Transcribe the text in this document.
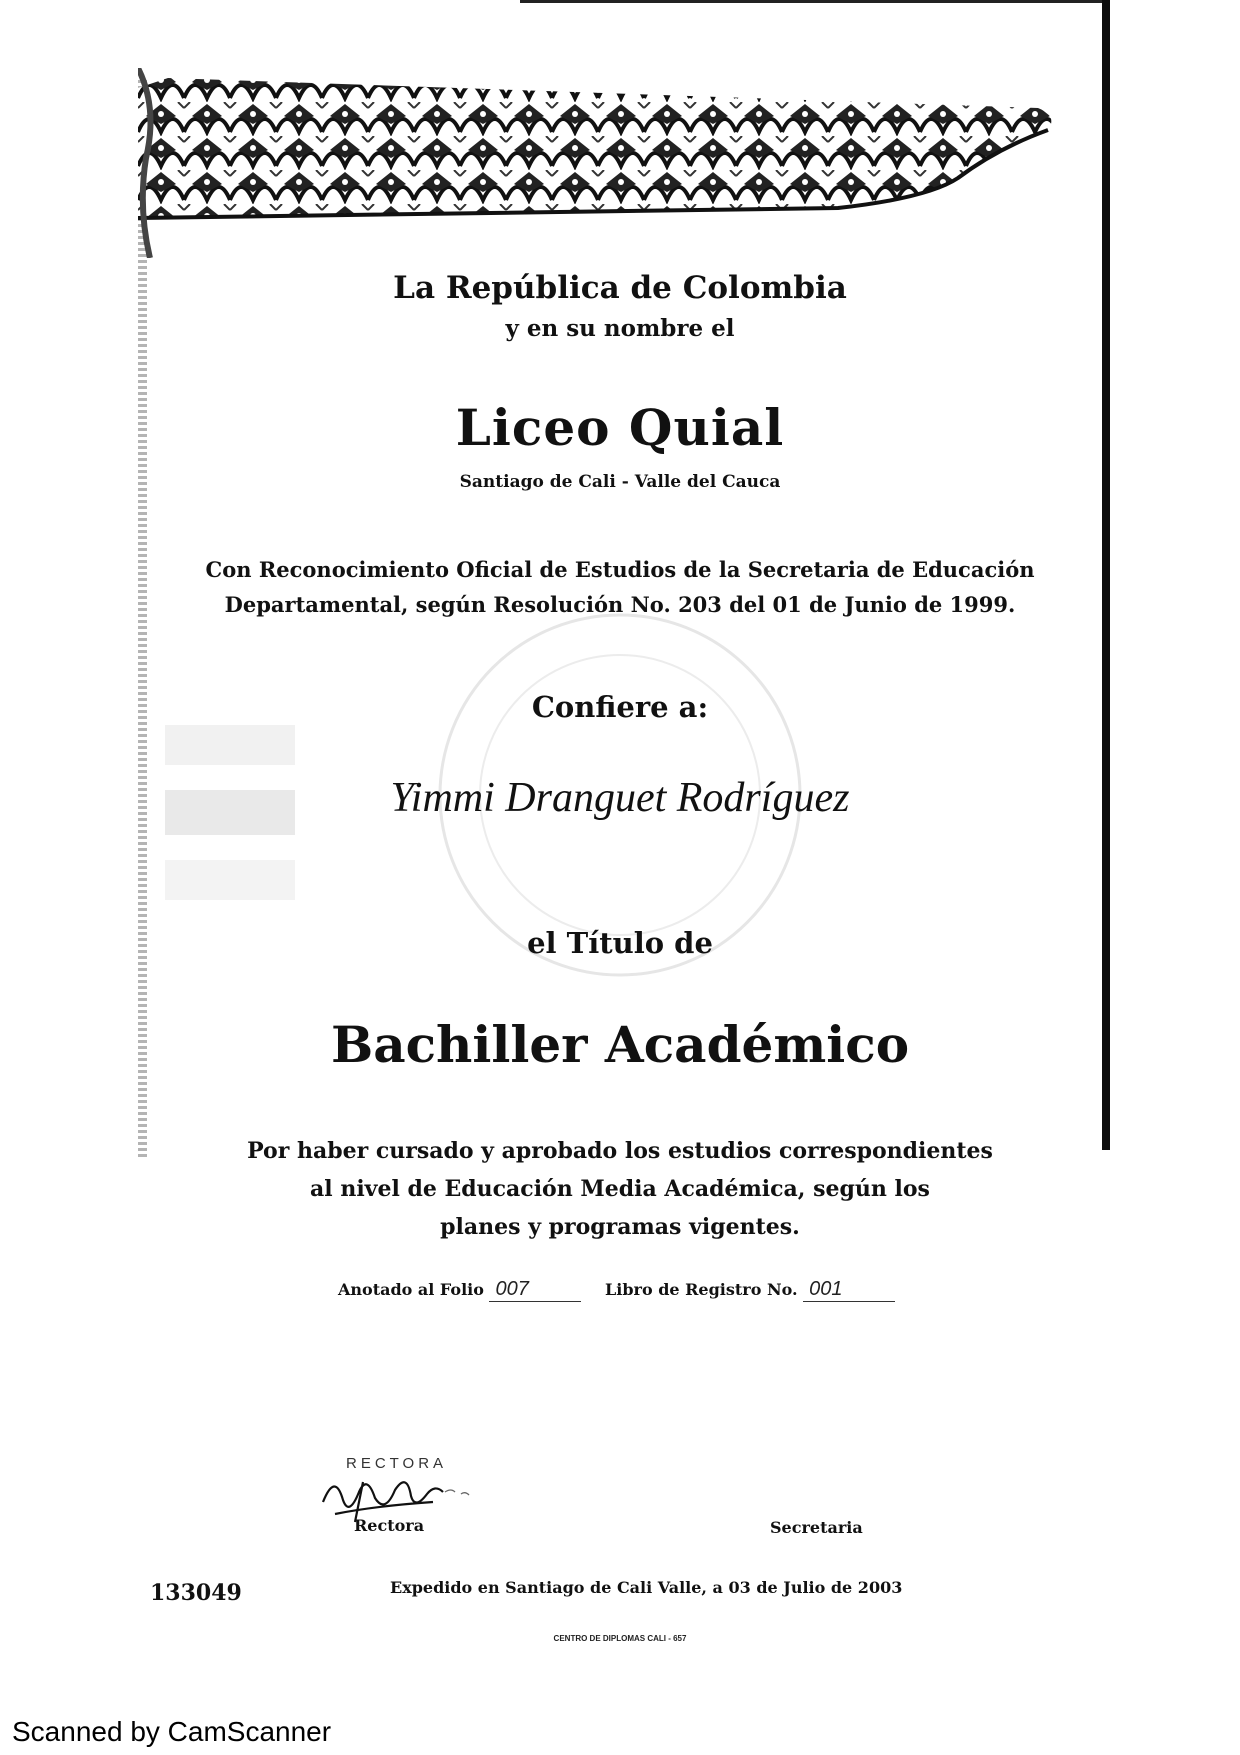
La República de Colombia
y en su nombre el
Liceo Quial
Santiago de Cali - Valle del Cauca
Con Reconocimiento Oficial de Estudios de la Secretaria de Educación
Departamental, según Resolución No. 203 del 01 de Junio de 1999.
Confiere a:
Yimmi Dranguet Rodríguez
el Título de
Bachiller Académico
Por haber cursado y aprobado los estudios correspondientes
al nivel de Educación Media Académica, según los
planes y programas vigentes.
Anotado al Folio 007	Libro de Registro No. 001
RECTORA
Rectora	Secretaria
133049	Expedido en Santiago de Cali Valle, a 03 de Julio de 2003
CENTRO DE DIPLOMAS CALI - 657
Scanned by CamScanner
